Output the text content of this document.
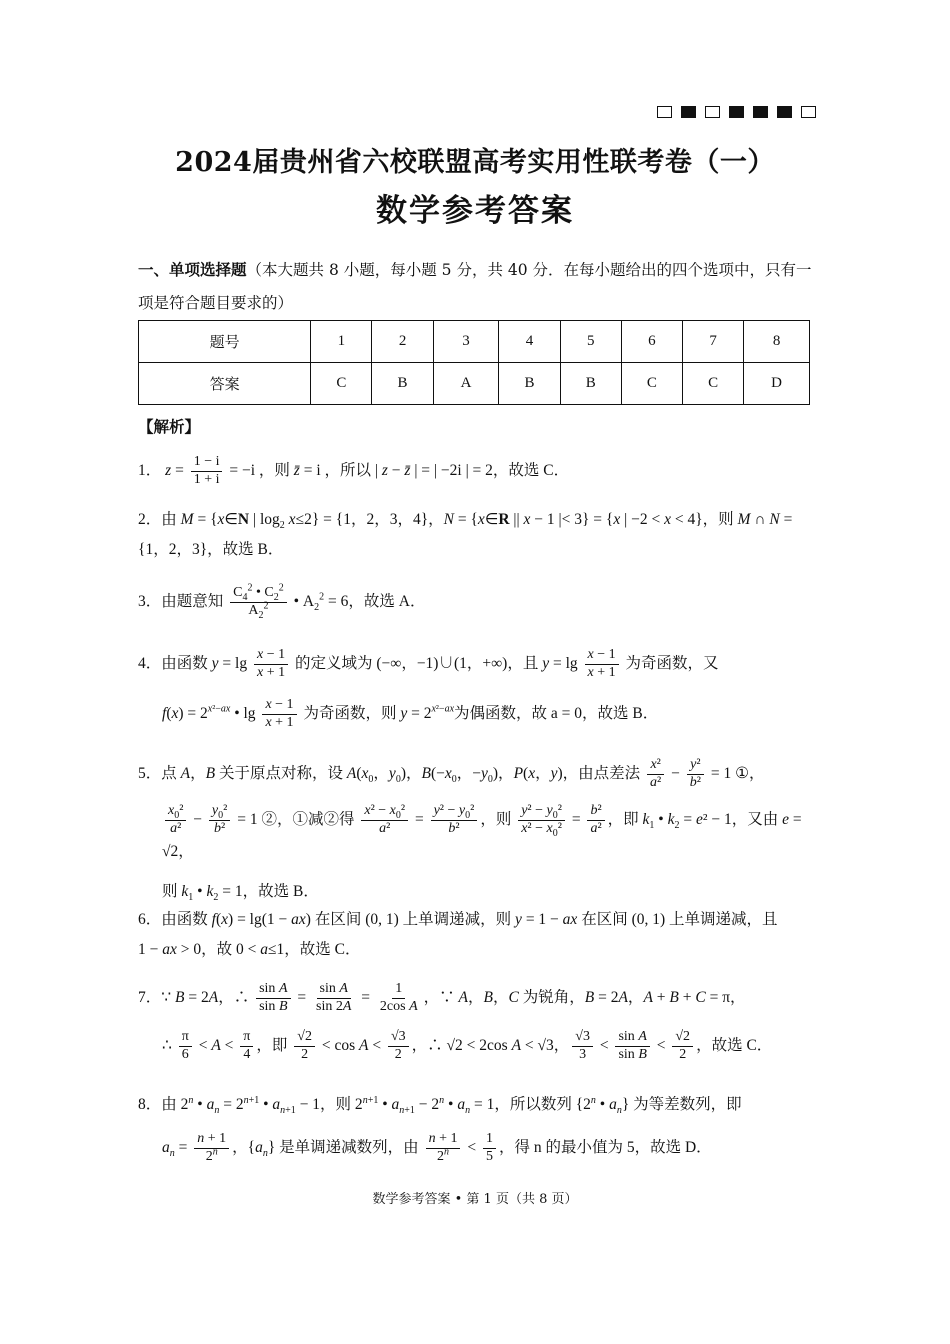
2024届贵州省六校联盟高考实用性联考卷（一）
数学参考答案
一、单项选择题（本大题共 8 小题，每小题 5 分，共 40 分．在每小题给出的四个选项中，只有一项是符合题目要求的）
题号	1	2	3	4	5	6	7	8
答案	C	B	A	B	B	C	C	D
【解析】
1． $z = \frac{1 - i}{1 + i} = -i$ ，则 z̄ = i ，所以 | z − z̄ | = | −2i | = 2，故选 C．
2．由 M = {x∈N | $\log_2 x\le 2\} = \{1$，2，3，4}，N = {x∈R || x − 1 |< 3} = {x | −2 < x < 4}，则 M ∩ N =
{1，2，3}，故选 B．
3．由题意知 $\frac{C_4^2 • C_2^2}{A_2^2}$ • $A_2^2 = 6$，故选 A．
4．由函数 $y = \lg \frac{x - 1}{x + 1}$ 的定义域为 (−∞，−1)∪(1，+∞)，且 $y = \lg \frac{x - 1}{x + 1}$ 为奇函数，又
$f(x) = 2^{x^2-ax}$ • $\lg \frac{x - 1}{x + 1}$ 为奇函数，则 $y = 2^{x^2-ax}$为偶函数，故 a = 0，故选 B．
5．点 A，B 关于原点对称，设 $A(x_0$，$y_0$)，$B(-x_0$，$-y_0$)，P(x，y)，由点差法 $\frac{\text{x²}}{\text{a²}} - \frac{\text{y²}}{\text{b²}} = 1$ ①，
$\frac{x_0^2}{\text{a²}} - \frac{y_0^2}{\text{b²}} = 1$ ②，①减②得 $\frac{x^2 - x_0^2}{\text{a²}} = \frac{y^2 - y_0^2}{\text{b²}}$ ，则 $\frac{y^2 - y_0^2}{x^2 - x_0^2} = \frac{\text{b²}}{\text{a²}}$ ，即 $k_1$ • $k_2 = e^2 - 1$，又由 e = √2，
则 $k_1$ • $k_2 = 1$，故选 B．
6．由函数 f(x) = lg(1 − ax) 在区间 (0, 1) 上单调递减，则 y = 1 − ax 在区间 (0, 1) 上单调递减，且
1 − ax > 0，故 0 < a≤1，故选 C．
7．∵ B = 2A，∴ $\frac{\text{sin A}}{\text{sin B}} = \frac{\text{sin A}}{\sin 2A} = \frac{1}{\text{2cos A}}$ ，∵ A，B，C 为锐角，B = 2A，A + B + C = π，
∴ $\frac{\pi}{6} < A < \frac{\pi}{4}$ ，即 $\frac{√2}{2} < \cos A < \frac{√3}{2}$ ，∴ √2 < 2cos A < √3， $\frac{√3}{3} < \frac{\text{sin A}}{\text{sin B}} < \frac{√2}{2}$ ，故选 C．
8．由 2$^n$ • $a_n = 2^{n+1}$ • $a_{n+1} - 1$，则 $2^{n+1}$ • $a_{n+1} - 2^n$ • $a_n = 1$，所以数列 {2$^n$ • $a_n$} 为等差数列，即
$a_n = \frac{n + 1}{2^n}$ ，$\{a_n\}$ 是单调递减数列，由 $\frac{n + 1}{2^n} < \frac{1}{5}$ ，得 n 的最小值为 5，故选 D．
数学参考答案 • 第 1 页（共 8 页）
